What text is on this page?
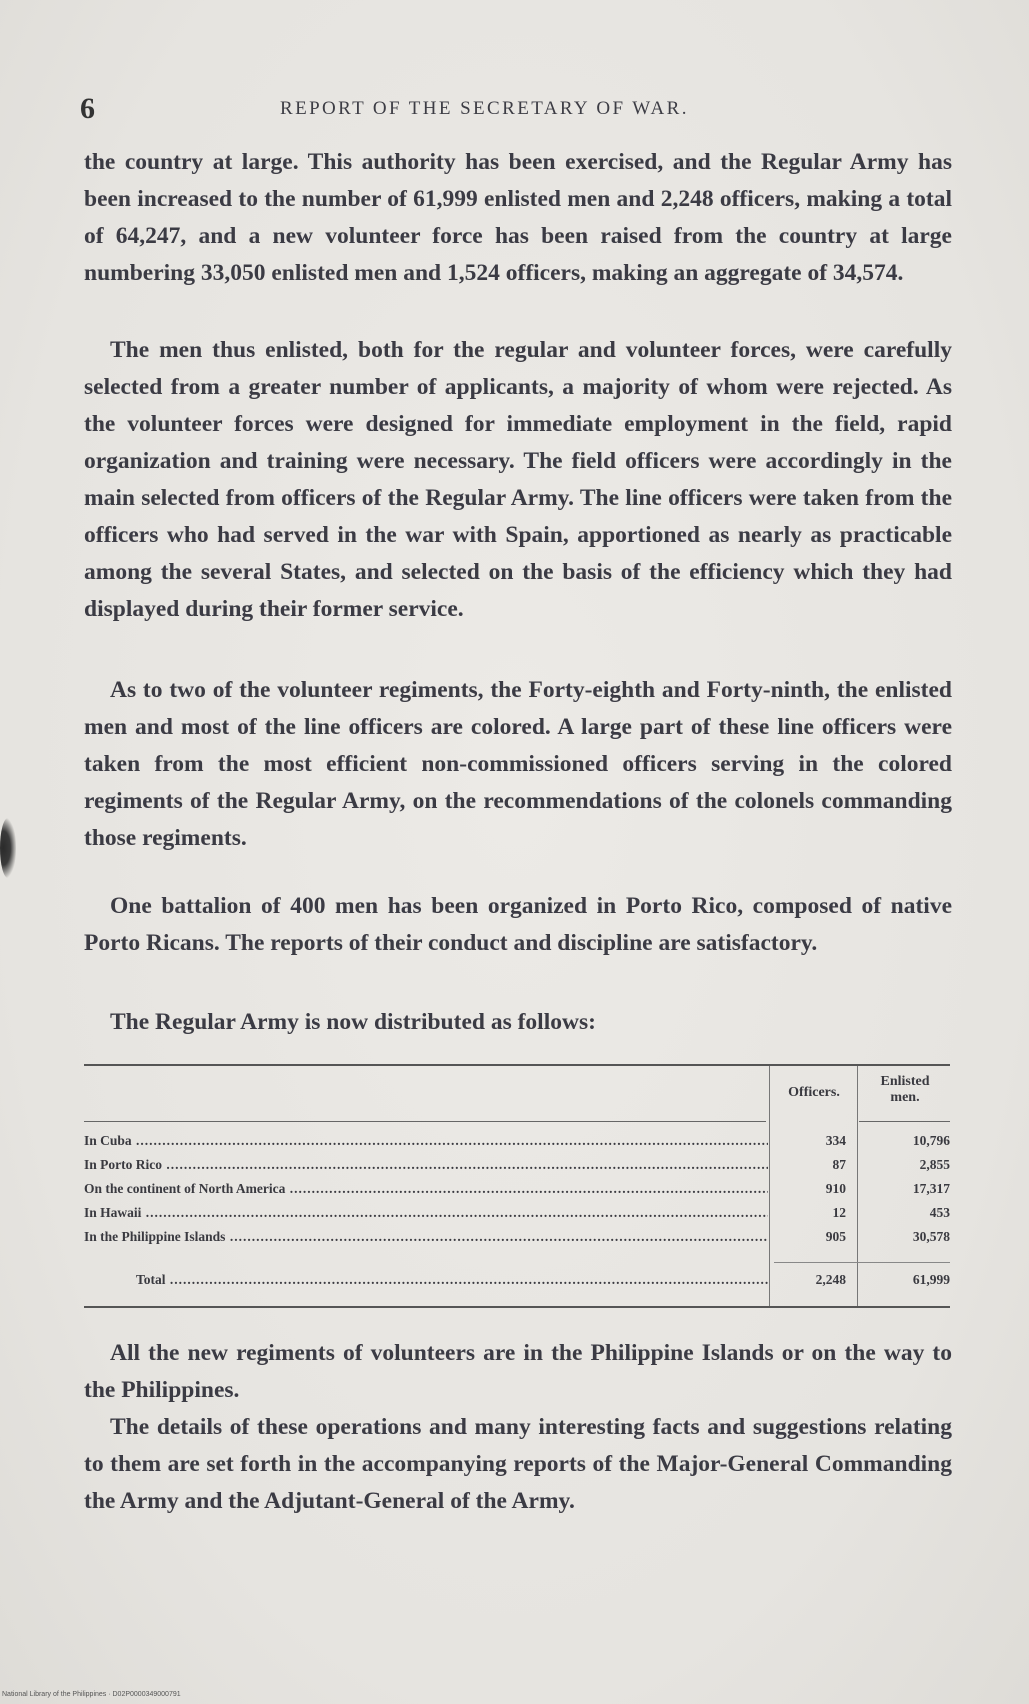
6	REPORT OF THE SECRETARY OF WAR.

the country at large. This authority has been exercised, and the Regular Army has been increased to the number of 61,999 enlisted men and 2,248 officers, making a total of 64,247, and a new volunteer force has been raised from the country at large numbering 33,050 enlisted men and 1,524 officers, making an aggregate of 34,574.

The men thus enlisted, both for the regular and volunteer forces, were carefully selected from a greater number of applicants, a majority of whom were rejected. As the volunteer forces were designed for immediate employment in the field, rapid organization and training were necessary. The field officers were accordingly in the main selected from officers of the Regular Army. The line officers were taken from the officers who had served in the war with Spain, apportioned as nearly as practicable among the several States, and selected on the basis of the efficiency which they had displayed during their former service.

As to two of the volunteer regiments, the Forty-eighth and Forty-ninth, the enlisted men and most of the line officers are colored. A large part of these line officers were taken from the most efficient non-commissioned officers serving in the colored regiments of the Regular Army, on the recommendations of the colonels commanding those regiments.

One battalion of 400 men has been organized in Porto Rico, composed of native Porto Ricans. The reports of their conduct and discipline are satisfactory.

The Regular Army is now distributed as follows:

Officers.
Enlisted
men.
In Cuba .....	334	10,796
In Porto Rico .....	87	2,855
On the continent of North America .....	910	17,317
In Hawaii .....	12	453
In the Philippine Islands .....	905	30,578
Total .....	2,248	61,999

All the new regiments of volunteers are in the Philippine Islands or on the way to the Philippines.

The details of these operations and many interesting facts and suggestions relating to them are set forth in the accompanying reports of the Major-General Commanding the Army and the Adjutant-General of the Army.

National Library of the Philippines · D02P0000349000791
